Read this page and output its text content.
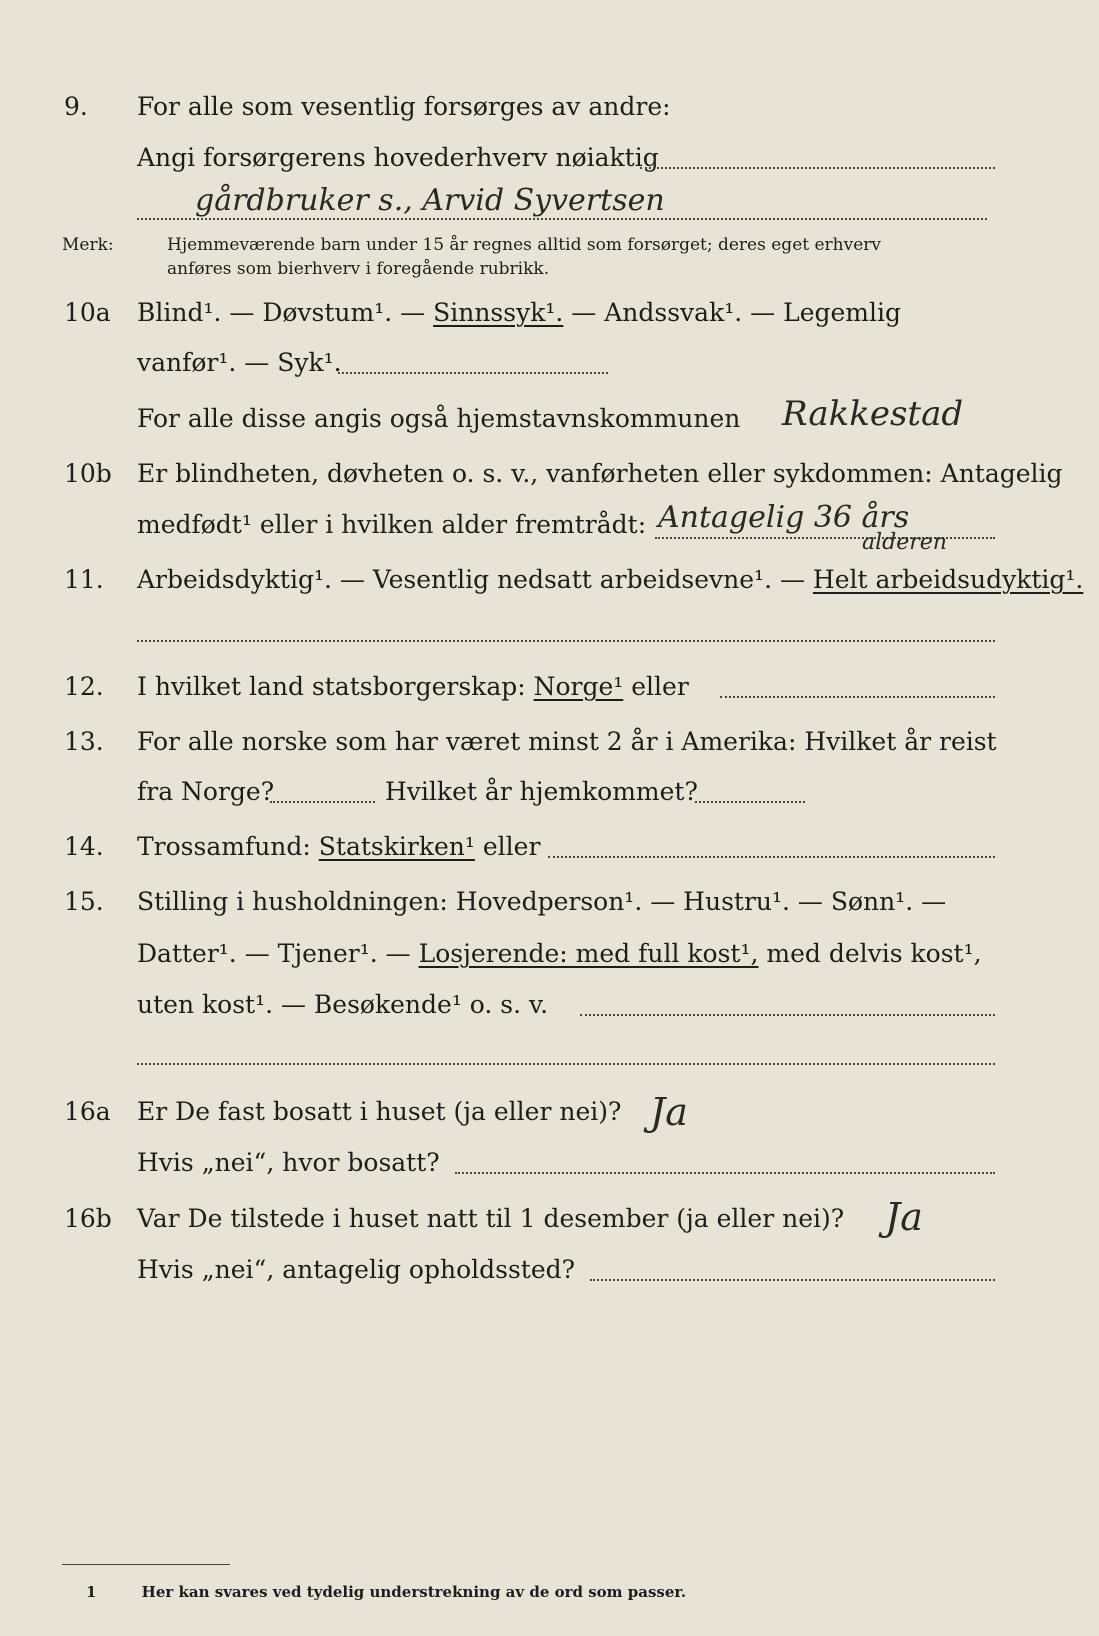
9. For alle som vesentlig forsørges av andre:
Angi forsørgerens hovederhverv nøiaktig
gårdbruker s., Arvid Syvertsen
Merk:	Hjemmeværende barn under 15 år regnes alltid som forsørget; deres eget erhverv
anføres som bierhverv i foregående rubrikk.
10a Blind¹. — Døvstum¹. — Sinnssyk¹. — Andssvak¹. — Legemlig
vanfør¹. — Syk¹.
For alle disse angis også hjemstavnskommunen Rakkestad
10b Er blindheten, døvheten o. s. v., vanførheten eller sykdommen: Antagelig
medfødt¹ eller i hvilken alder fremtrådt: Antagelig 36 års
alderen
11. Arbeidsdyktig¹. — Vesentlig nedsatt arbeidsevne¹. — Helt arbeidsudyktig¹.
12. I hvilket land statsborgerskap: Norge¹ eller
13. For alle norske som har været minst 2 år i Amerika: Hvilket år reist
fra Norge?	Hvilket år hjemkommet?
14. Trossamfund: Statskirken¹ eller
15. Stilling i husholdningen: Hovedperson¹. — Hustru¹. — Sønn¹. —
Datter¹. — Tjener¹. — Losjerende: med full kost¹, med delvis kost¹,
uten kost¹. — Besøkende¹ o. s. v.
16a Er De fast bosatt i huset (ja eller nei)? Ja
Hvis „nei“, hvor bosatt?
16b Var De tilstede i huset natt til 1 desember (ja eller nei)? Ja
Hvis „nei“, antagelig opholdssted?
1	Her kan svares ved tydelig understrekning av de ord som passer.
